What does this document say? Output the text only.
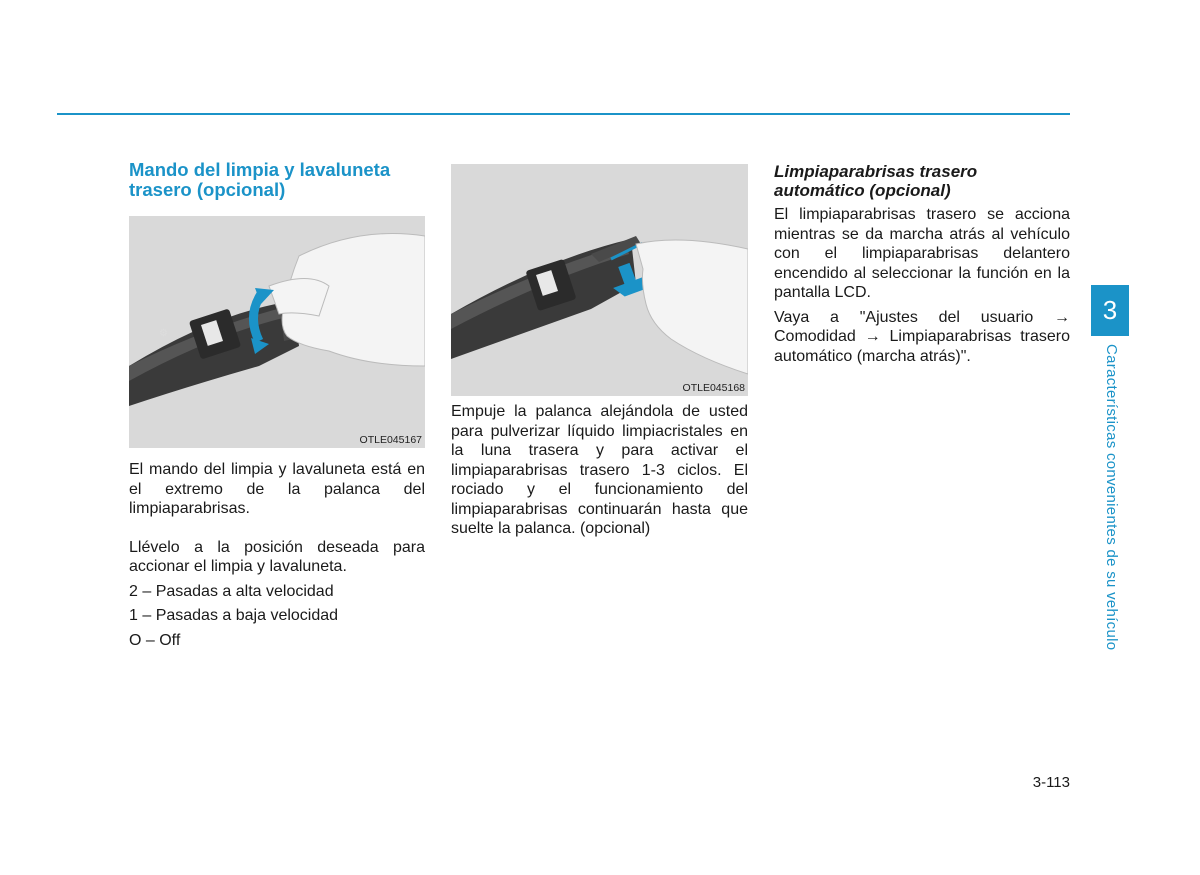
Mando del limpia y lavaluneta trasero (opcional)
⚙
OTLE045167

El mando del limpia y lavaluneta está en el extremo de la palanca del limpiaparabrisas.

Llévelo a la posición deseada para accionar el limpia y lavaluneta.

2 – Pasadas a alta velocidad

1 – Pasadas a baja velocidad

O – Off

OTLE045168

Empuje la palanca alejándola de usted para pulverizar líquido limpiacristales en la luna trasera y para activar el limpiaparabrisas trasero 1-3 ciclos. El rociado y el funcionamiento del limpiaparabrisas continuarán hasta que suelte la palanca. (opcional)

Limpiaparabrisas trasero automático (opcional)

El limpiaparabrisas trasero se acciona mientras se da marcha atrás al vehículo con el limpiaparabrisas delantero encendido al seleccionar la función en la pantalla LCD.

Vaya a "Ajustes del usuario → Comodidad → Limpiaparabrisas trasero automático (marcha atrás)".

3
Características convenientes de su vehículo
3-113
